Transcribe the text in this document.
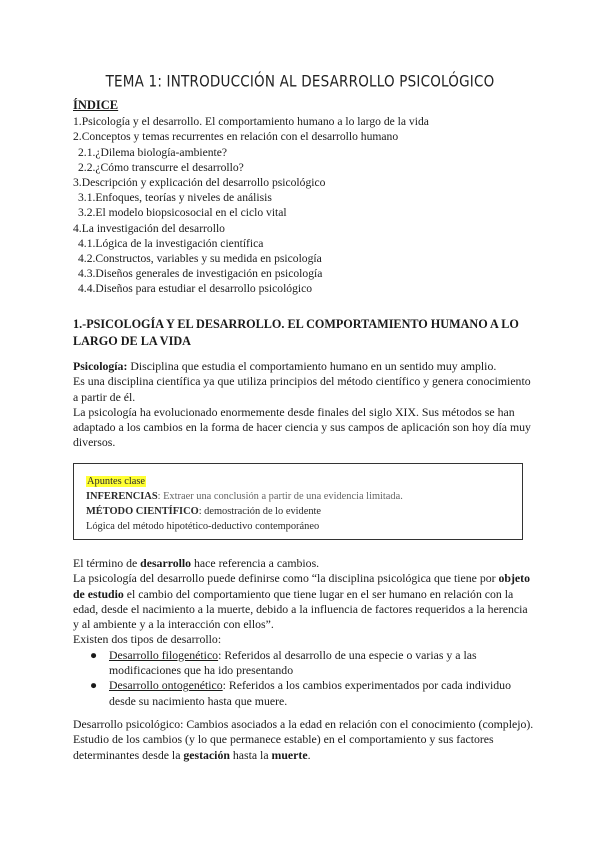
TEMA 1: INTRODUCCIÓN AL DESARROLLO PSICOLÓGICO
ÍNDICE
1.Psicología y el desarrollo. El comportamiento humano a lo largo de la vida
2.Conceptos y temas recurrentes en relación con el desarrollo humano
2.1.¿Dilema biología-ambiente?
2.2.¿Cómo transcurre el desarrollo?
3.Descripción y explicación del desarrollo psicológico
3.1.Enfoques, teorías y niveles de análisis
3.2.El modelo biopsicosocial en el ciclo vital
4.La investigación del desarrollo
4.1.Lógica de la investigación científica
4.2.Constructos, variables y su medida en psicología
4.3.Diseños generales de investigación en psicología
4.4.Diseños para estudiar el desarrollo psicológico
1.-PSICOLOGÍA Y EL DESARROLLO. EL COMPORTAMIENTO HUMANO A LO LARGO DE LA VIDA

Psicología: Disciplina que estudia el comportamiento humano en un sentido muy amplio.

Es una disciplina científica ya que utiliza principios del método científico y genera conocimiento a partir de él.

La psicología ha evolucionado enormemente desde finales del siglo XIX. Sus métodos se han adaptado a los cambios en la forma de hacer ciencia y sus campos de aplicación son hoy día muy diversos.

Apuntes clase
INFERENCIAS: Extraer una conclusión a partir de una evidencia limitada.
MÉTODO CIENTÍFICO: demostración de lo evidente
Lógica del método hipotético-deductivo contemporáneo

El término de desarrollo hace referencia a cambios.

La psicología del desarrollo puede definirse como “la disciplina psicológica que tiene por objeto de estudio el cambio del comportamiento que tiene lugar en el ser humano en relación con la edad, desde el nacimiento a la muerte, debido a la influencia de factores requeridos a la herencia y al ambiente y a la interacción con ellos”.

Existen dos tipos de desarrollo:

● Desarrollo filogenético: Referidos al desarrollo de una especie o varias y a las modificaciones que ha ido presentando
● Desarrollo ontogenético: Referidos a los cambios experimentados por cada individuo desde su nacimiento hasta que muere.

Desarrollo psicológico: Cambios asociados a la edad en relación con el conocimiento (complejo).

Estudio de los cambios (y lo que permanece estable) en el comportamiento y sus factores determinantes desde la gestación hasta la muerte.
